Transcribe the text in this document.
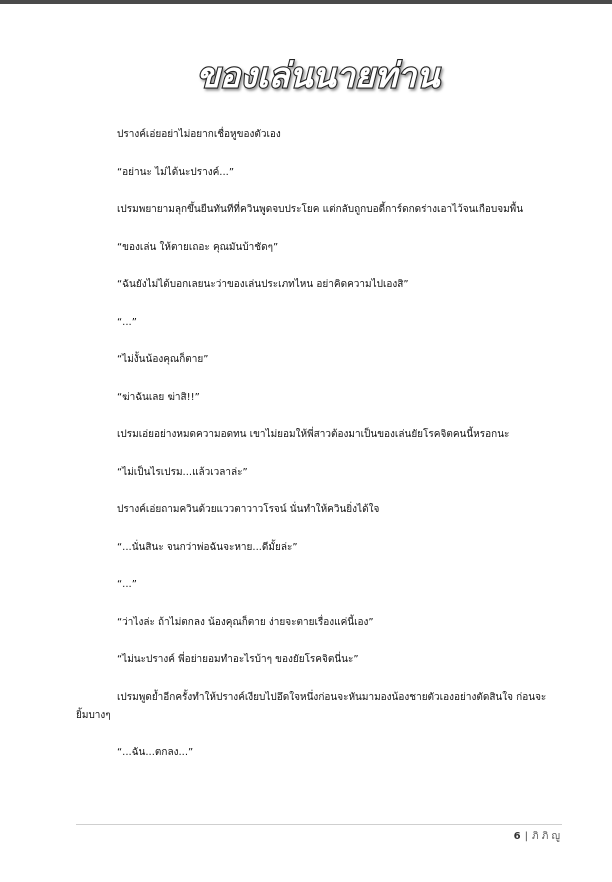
ของเล่นนายท่าน

ปรางค์เอ่ยอย่าไม่อยากเชื่อหูของตัวเอง

“อย่านะ ไม่ได้นะปรางค์...”

เปรมพยายามลุกขึ้นยืนทันทีที่ควินพูดจบประโยค แต่กลับถูกบอดี้การ์ดกดร่างเอาไว้จนเกือบจมพื้น

“ของเล่น ให้ตายเถอะ คุณมันบ้าชัดๆ”

“ฉันยังไม่ได้บอกเลยนะว่าของเล่นประเภทไหน อย่าคิดความไปเองสิ”

“...”

“ไม่งั้นน้องคุณก็ตาย”

“ฆ่าฉันเลย ฆ่าสิ!!”

เปรมเอ่ยอย่างหมดความอดทน เขาไม่ยอมให้พี่สาวต้องมาเป็นของเล่นยัยโรคจิตคนนี้หรอกนะ

“ไม่เป็นไรเปรม...แล้วเวลาล่ะ”

ปรางค์เอ่ยถามควินด้วยแววตาวาวโรจน์ นั่นทำให้ควินยิ่งได้ใจ

“...นั่นสินะ จนกว่าพ่อฉันจะหาย...ดีมั้ยล่ะ”

“...”

“ว่าไงล่ะ ถ้าไม่ตกลง น้องคุณก็ตาย ง่ายจะตายเรื่องแค่นี้เอง”

“ไม่นะปรางค์ พี่อย่ายอมทำอะไรบ้าๆ ของยัยโรคจิตนี่นะ”

เปรมพูดย้ำอีกครั้งทำให้ปรางค์เงียบไปอึดใจหนึ่งก่อนจะหันมามองน้องชายตัวเองอย่างตัดสินใจ ก่อนจะยิ้มบางๆ

“...ฉัน...ตกลง...”

6 | ภิ ภิ ญู
